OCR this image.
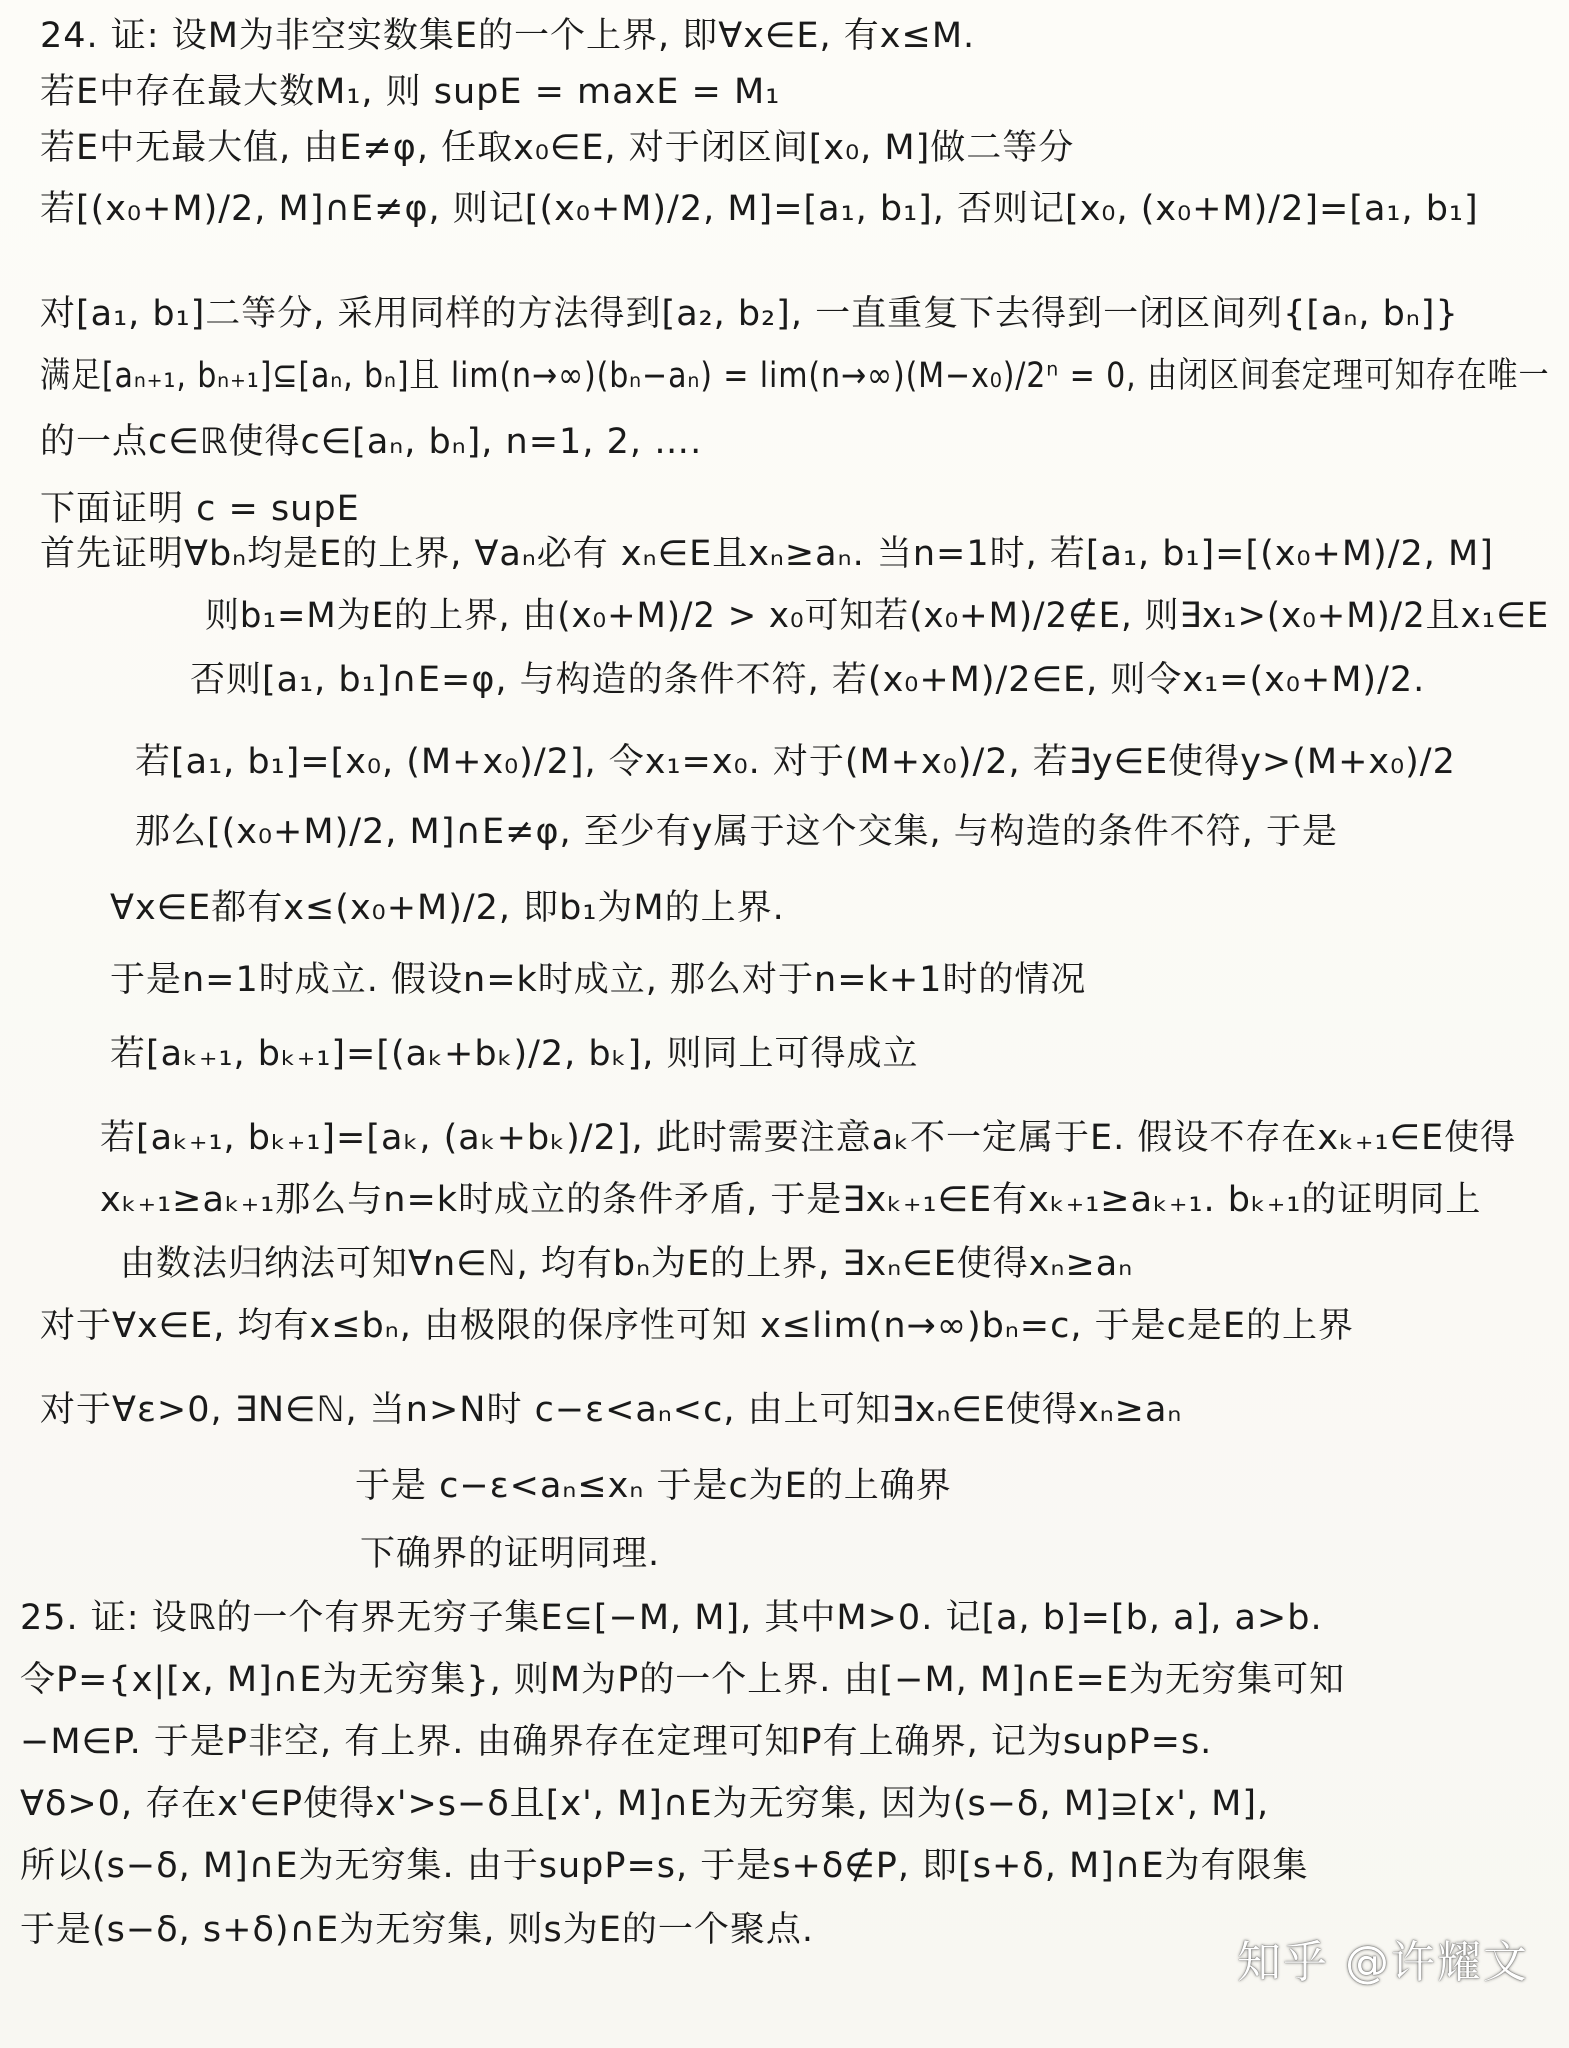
24. 证: 设M为非空实数集E的一个上界, 即∀x∈E, 有x≤M.
若E中存在最大数M₁, 则 supE = maxE = M₁
若E中无最大值, 由E≠φ, 任取x₀∈E, 对于闭区间[x₀, M]做二等分
若[(x₀+M)/2, M]∩E≠φ, 则记[(x₀+M)/2, M]=[a₁, b₁], 否则记[x₀, (x₀+M)/2]=[a₁, b₁]
对[a₁, b₁]二等分, 采用同样的方法得到[a₂, b₂], 一直重复下去得到一闭区间列{[aₙ, bₙ]}
满足[aₙ₊₁, bₙ₊₁]⊆[aₙ, bₙ]且 lim(n→∞)(bₙ−aₙ) = lim(n→∞)(M−x₀)/2ⁿ = 0, 由闭区间套定理可知存在唯一
的一点c∈ℝ使得c∈[aₙ, bₙ], n=1, 2, ….
下面证明 c = supE
首先证明∀bₙ均是E的上界, ∀aₙ必有 xₙ∈E且xₙ≥aₙ. 当n=1时, 若[a₁, b₁]=[(x₀+M)/2, M]
则b₁=M为E的上界, 由(x₀+M)/2 > x₀可知若(x₀+M)/2∉E, 则∃x₁>(x₀+M)/2且x₁∈E
否则[a₁, b₁]∩E=φ, 与构造的条件不符, 若(x₀+M)/2∈E, 则令x₁=(x₀+M)/2.
若[a₁, b₁]=[x₀, (M+x₀)/2], 令x₁=x₀. 对于(M+x₀)/2, 若∃y∈E使得y>(M+x₀)/2
那么[(x₀+M)/2, M]∩E≠φ, 至少有y属于这个交集, 与构造的条件不符, 于是
∀x∈E都有x≤(x₀+M)/2, 即b₁为M的上界.
于是n=1时成立. 假设n=k时成立, 那么对于n=k+1时的情况
若[aₖ₊₁, bₖ₊₁]=[(aₖ+bₖ)/2, bₖ], 则同上可得成立
若[aₖ₊₁, bₖ₊₁]=[aₖ, (aₖ+bₖ)/2], 此时需要注意aₖ不一定属于E. 假设不存在xₖ₊₁∈E使得
xₖ₊₁≥aₖ₊₁那么与n=k时成立的条件矛盾, 于是∃xₖ₊₁∈E有xₖ₊₁≥aₖ₊₁. bₖ₊₁的证明同上
由数法归纳法可知∀n∈ℕ, 均有bₙ为E的上界, ∃xₙ∈E使得xₙ≥aₙ
对于∀x∈E, 均有x≤bₙ, 由极限的保序性可知 x≤lim(n→∞)bₙ=c, 于是c是E的上界
对于∀ε>0, ∃N∈ℕ, 当n>N时 c−ε<aₙ<c, 由上可知∃xₙ∈E使得xₙ≥aₙ
于是 c−ε<aₙ≤xₙ 于是c为E的上确界
下确界的证明同理.
25. 证: 设ℝ的一个有界无穷子集E⊆[−M, M], 其中M>0. 记[a, b]=[b, a], a>b.
令P={x|[x, M]∩E为无穷集}, 则M为P的一个上界. 由[−M, M]∩E=E为无穷集可知
−M∈P. 于是P非空, 有上界. 由确界存在定理可知P有上确界, 记为supP=s.
∀δ>0, 存在x'∈P使得x'>s−δ且[x', M]∩E为无穷集, 因为(s−δ, M]⊇[x', M],
所以(s−δ, M]∩E为无穷集. 由于supP=s, 于是s+δ∉P, 即[s+δ, M]∩E为有限集
于是(s−δ, s+δ)∩E为无穷集, 则s为E的一个聚点.
知乎 @许耀文
